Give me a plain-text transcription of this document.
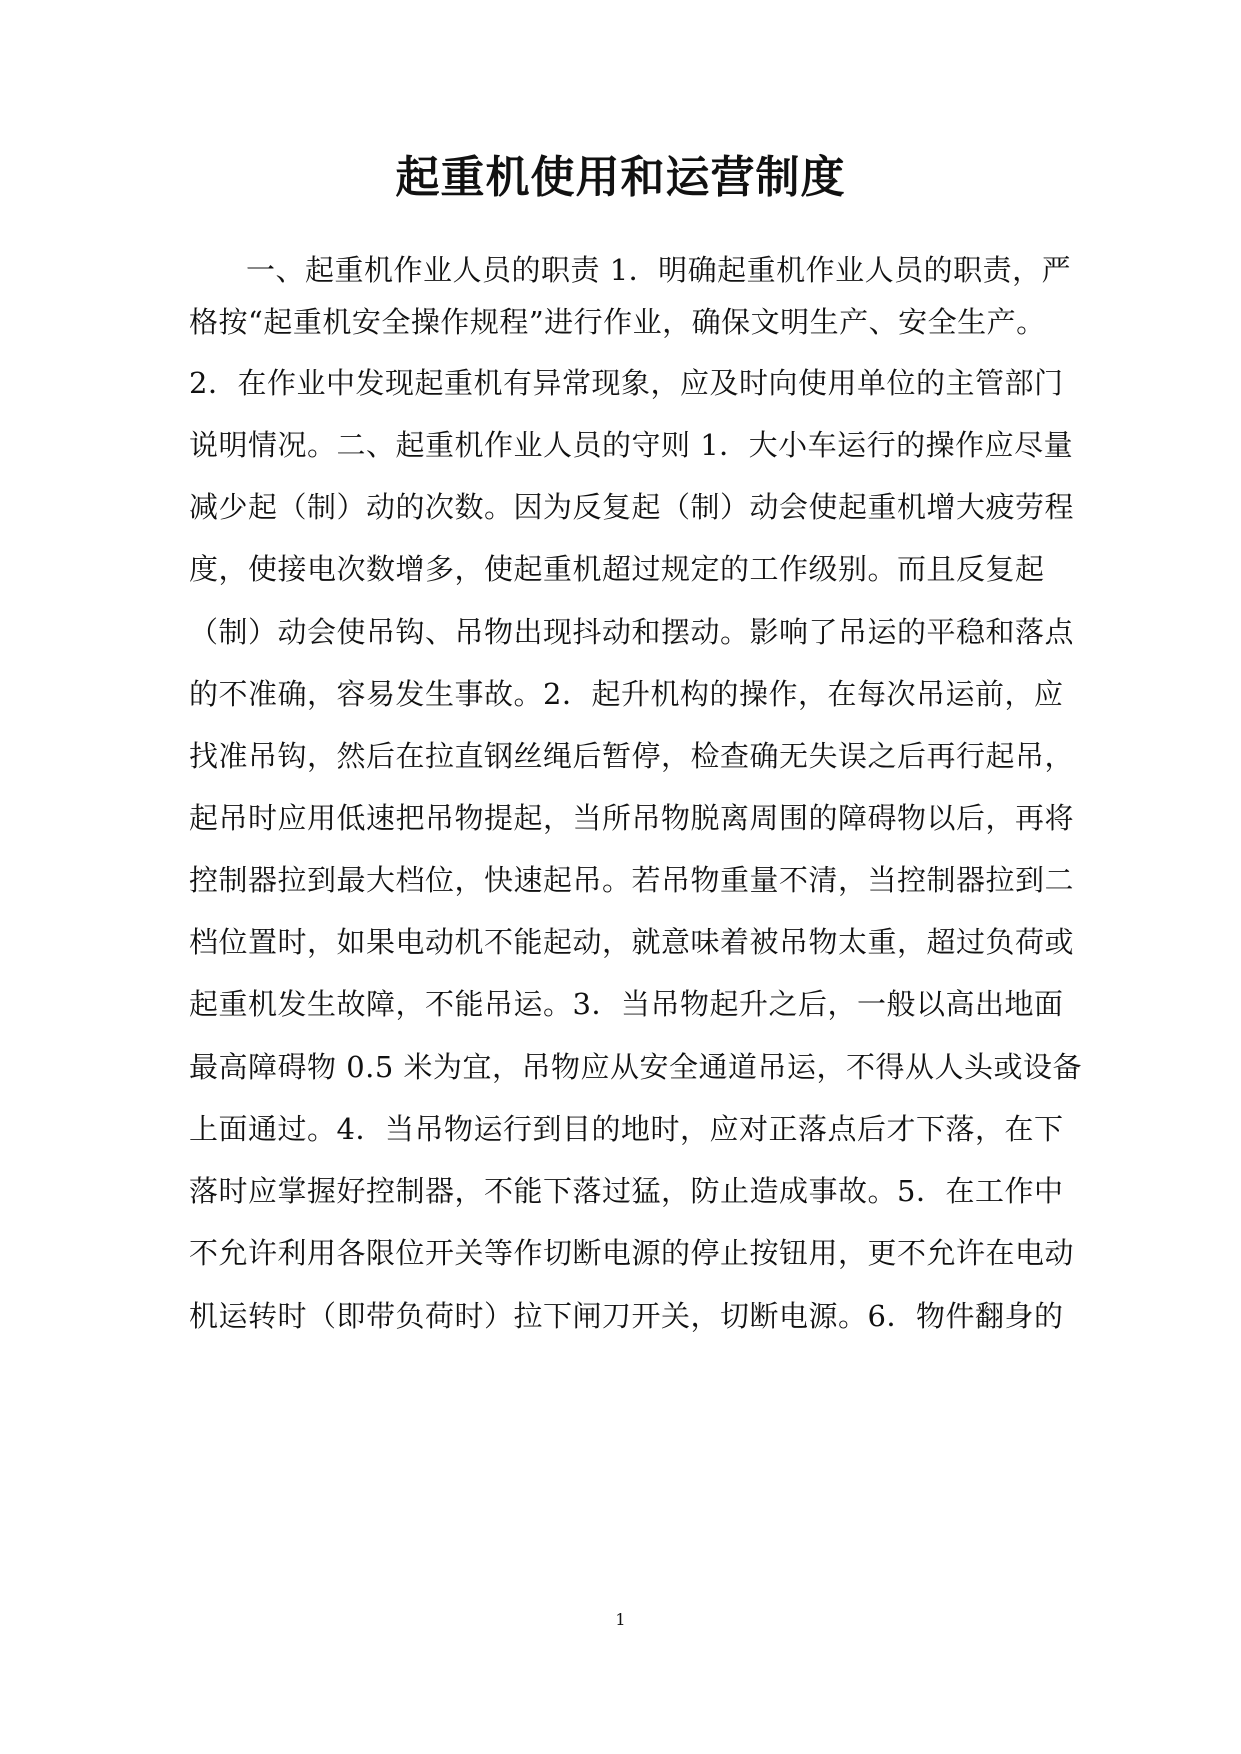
起重机使用和运营制度
一、起重机作业人员的职责 1．明确起重机作业人员的职责，严
格按“起重机安全操作规程”进行作业，确保文明生产、安全生产。
2．在作业中发现起重机有异常现象，应及时向使用单位的主管部门
说明情况。二、起重机作业人员的守则 1．大小车运行的操作应尽量
减少起（制）动的次数。因为反复起（制）动会使起重机增大疲劳程
度，使接电次数增多，使起重机超过规定的工作级别。而且反复起
（制）动会使吊钩、吊物出现抖动和摆动。影响了吊运的平稳和落点
的不准确，容易发生事故。2．起升机构的操作，在每次吊运前，应
找准吊钩，然后在拉直钢丝绳后暂停，检查确无失误之后再行起吊，
起吊时应用低速把吊物提起，当所吊物脱离周围的障碍物以后，再将
控制器拉到最大档位，快速起吊。若吊物重量不清，当控制器拉到二
档位置时，如果电动机不能起动，就意味着被吊物太重，超过负荷或
起重机发生故障，不能吊运。3．当吊物起升之后，一般以高出地面
最高障碍物 0.5 米为宜，吊物应从安全通道吊运，不得从人头或设备
上面通过。4．当吊物运行到目的地时，应对正落点后才下落，在下
落时应掌握好控制器，不能下落过猛，防止造成事故。5．在工作中
不允许利用各限位开关等作切断电源的停止按钮用，更不允许在电动
机运转时（即带负荷时）拉下闸刀开关，切断电源。6．物件翻身的
1
